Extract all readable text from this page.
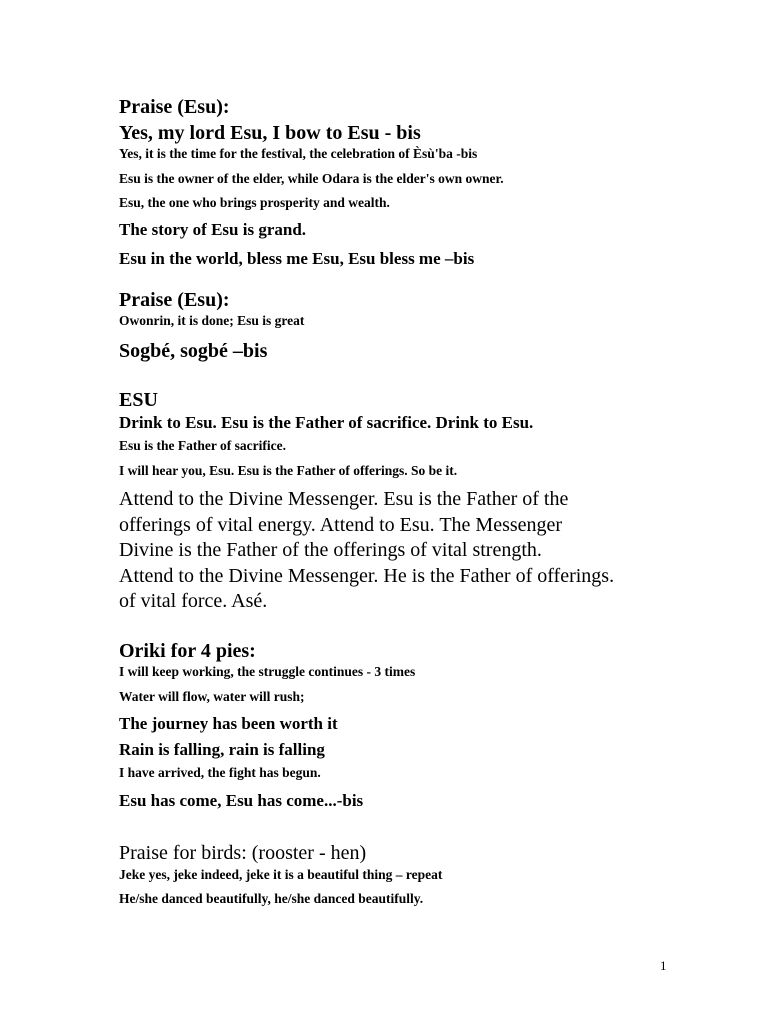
Praise (Esu):

Yes, my lord Esu, I bow to Esu - bis

Yes, it is the time for the festival, the celebration of Èsù'ba -bis

Esu is the owner of the elder, while Odara is the elder's own owner.

Esu, the one who brings prosperity and wealth.

The story of Esu is grand.

Esu in the world, bless me Esu, Esu bless me –bis

Praise (Esu):

Owonrin, it is done; Esu is great

Sogbé, sogbé –bis

ESU

Drink to Esu. Esu is the Father of sacrifice. Drink to Esu.

Esu is the Father of sacrifice.

I will hear you, Esu. Esu is the Father of offerings. So be it.

Attend to the Divine Messenger. Esu is the Father of the

offerings of vital energy. Attend to Esu. The Messenger

Divine is the Father of the offerings of vital strength.

Attend to the Divine Messenger. He is the Father of offerings.

of vital force. Asé.

Oriki for 4 pies:

I will keep working, the struggle continues - 3 times

Water will flow, water will rush;

The journey has been worth it

Rain is falling, rain is falling

I have arrived, the fight has begun.

Esu has come, Esu has come...-bis

Praise for birds: (rooster - hen)

Jeke yes, jeke indeed, jeke it is a beautiful thing – repeat

He/she danced beautifully, he/she danced beautifully.

1
